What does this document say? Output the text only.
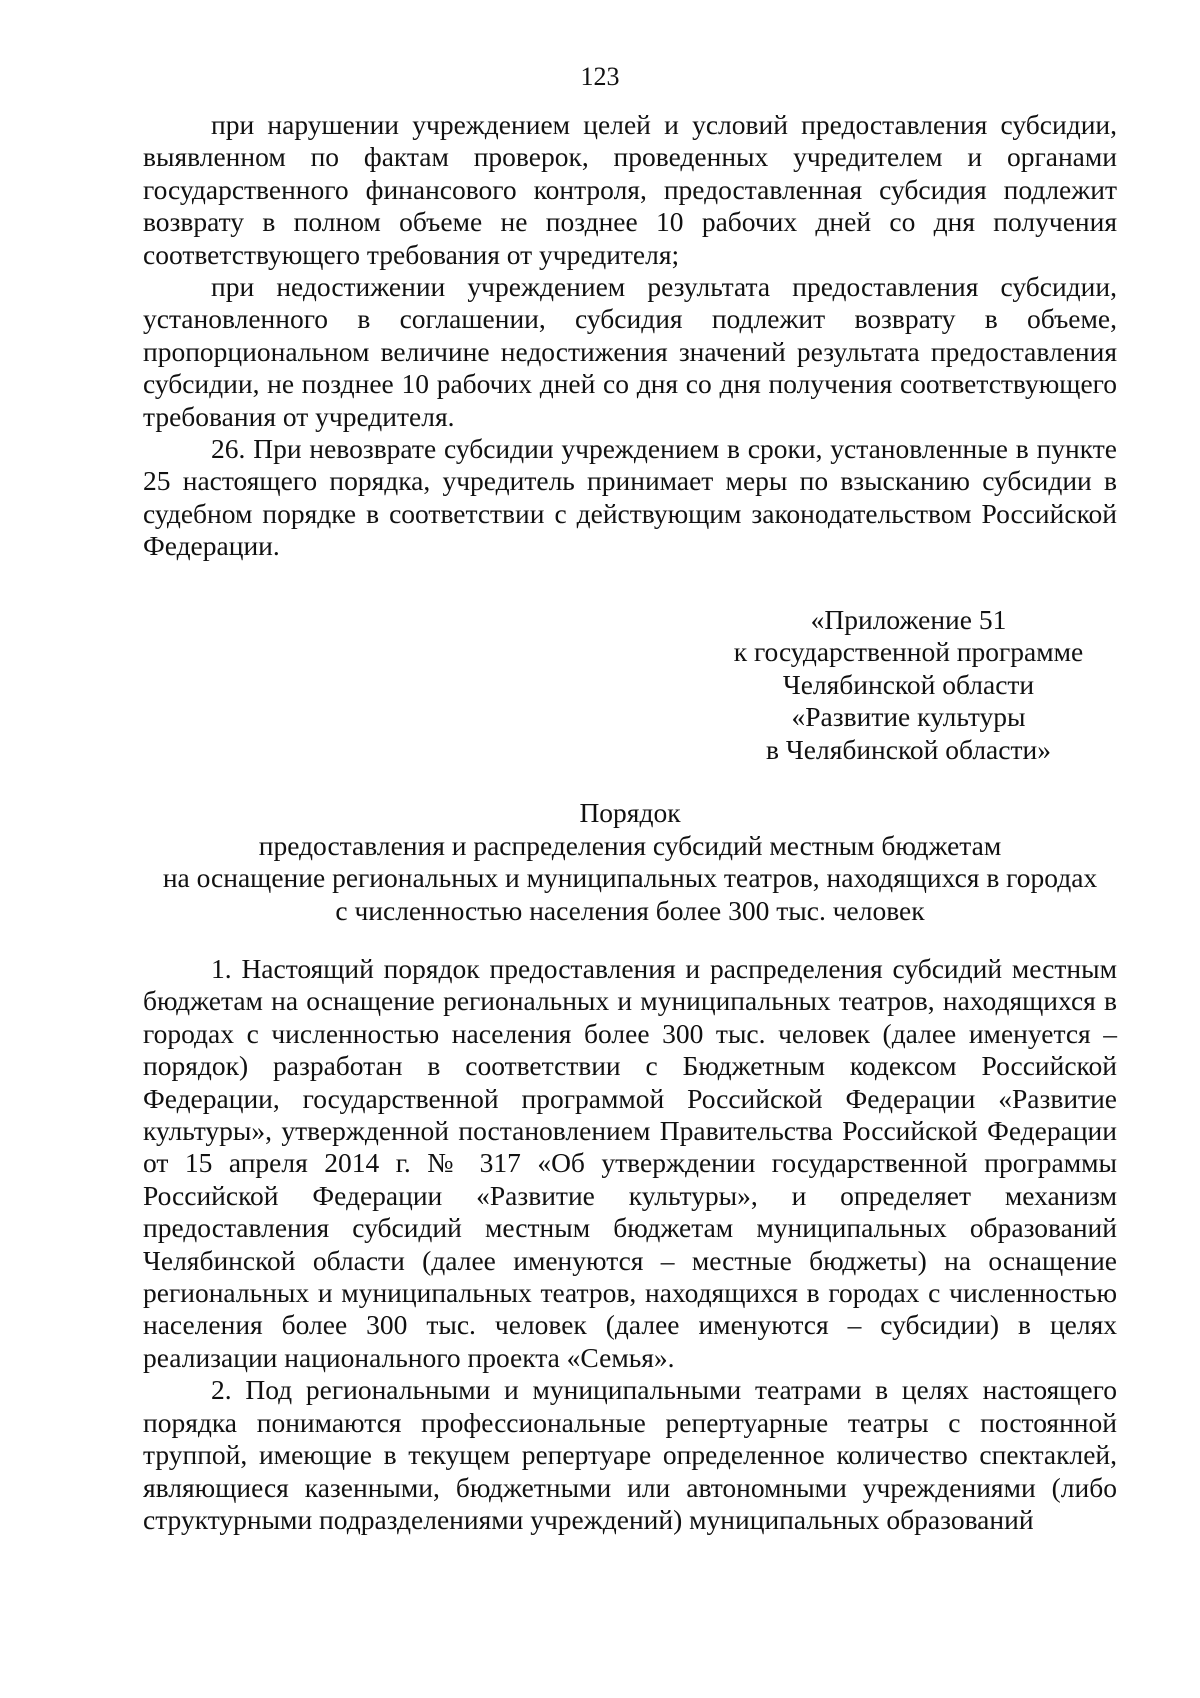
123

при нарушении учреждением целей и условий предоставления субсидии, выявленном по фактам проверок, проведенных учредителем и органами государственного финансового контроля, предоставленная субсидия подлежит возврату в полном объеме не позднее 10 рабочих дней со дня получения соответствующего требования от учредителя;

при недостижении учреждением результата предоставления субсидии, установленного в соглашении, субсидия подлежит возврату в объеме, пропорциональном величине недостижения значений результата предоставления субсидии, не позднее 10 рабочих дней со дня со дня получения соответствующего требования от учредителя.

26. При невозврате субсидии учреждением в сроки, установленные в пункте 25 настоящего порядка, учредитель принимает меры по взысканию субсидии в судебном порядке в соответствии с действующим законодательством Российской Федерации.

«Приложение 51
к государственной программе
Челябинской области
«Развитие культуры
в Челябинской области»
Порядок
предоставления и распределения субсидий местным бюджетам
на оснащение региональных и муниципальных театров, находящихся в городах
с численностью населения более 300 тыс. человек

1. Настоящий порядок предоставления и распределения субсидий местным бюджетам на оснащение региональных и муниципальных театров, находящихся в городах с численностью населения более 300 тыс. человек (далее именуется – порядок) разработан в соответствии с Бюджетным кодексом Российской Федерации, государственной программой Российской Федерации «Развитие культуры», утвержденной постановлением Правительства Российской Федерации от 15 апреля 2014 г. № 317 «Об утверждении государственной программы Российской Федерации «Развитие культуры», и определяет механизм предоставления субсидий местным бюджетам муниципальных образований Челябинской области (далее именуются – местные бюджеты) на оснащение региональных и муниципальных театров, находящихся в городах с численностью населения более 300 тыс. человек (далее именуются – субсидии) в целях реализации национального проекта «Семья».

2. Под региональными и муниципальными театрами в целях настоящего порядка понимаются профессиональные репертуарные театры с постоянной труппой, имеющие в текущем репертуаре определенное количество спектаклей, являющиеся казенными, бюджетными или автономными учреждениями (либо структурными подразделениями учреждений) муниципальных образований
